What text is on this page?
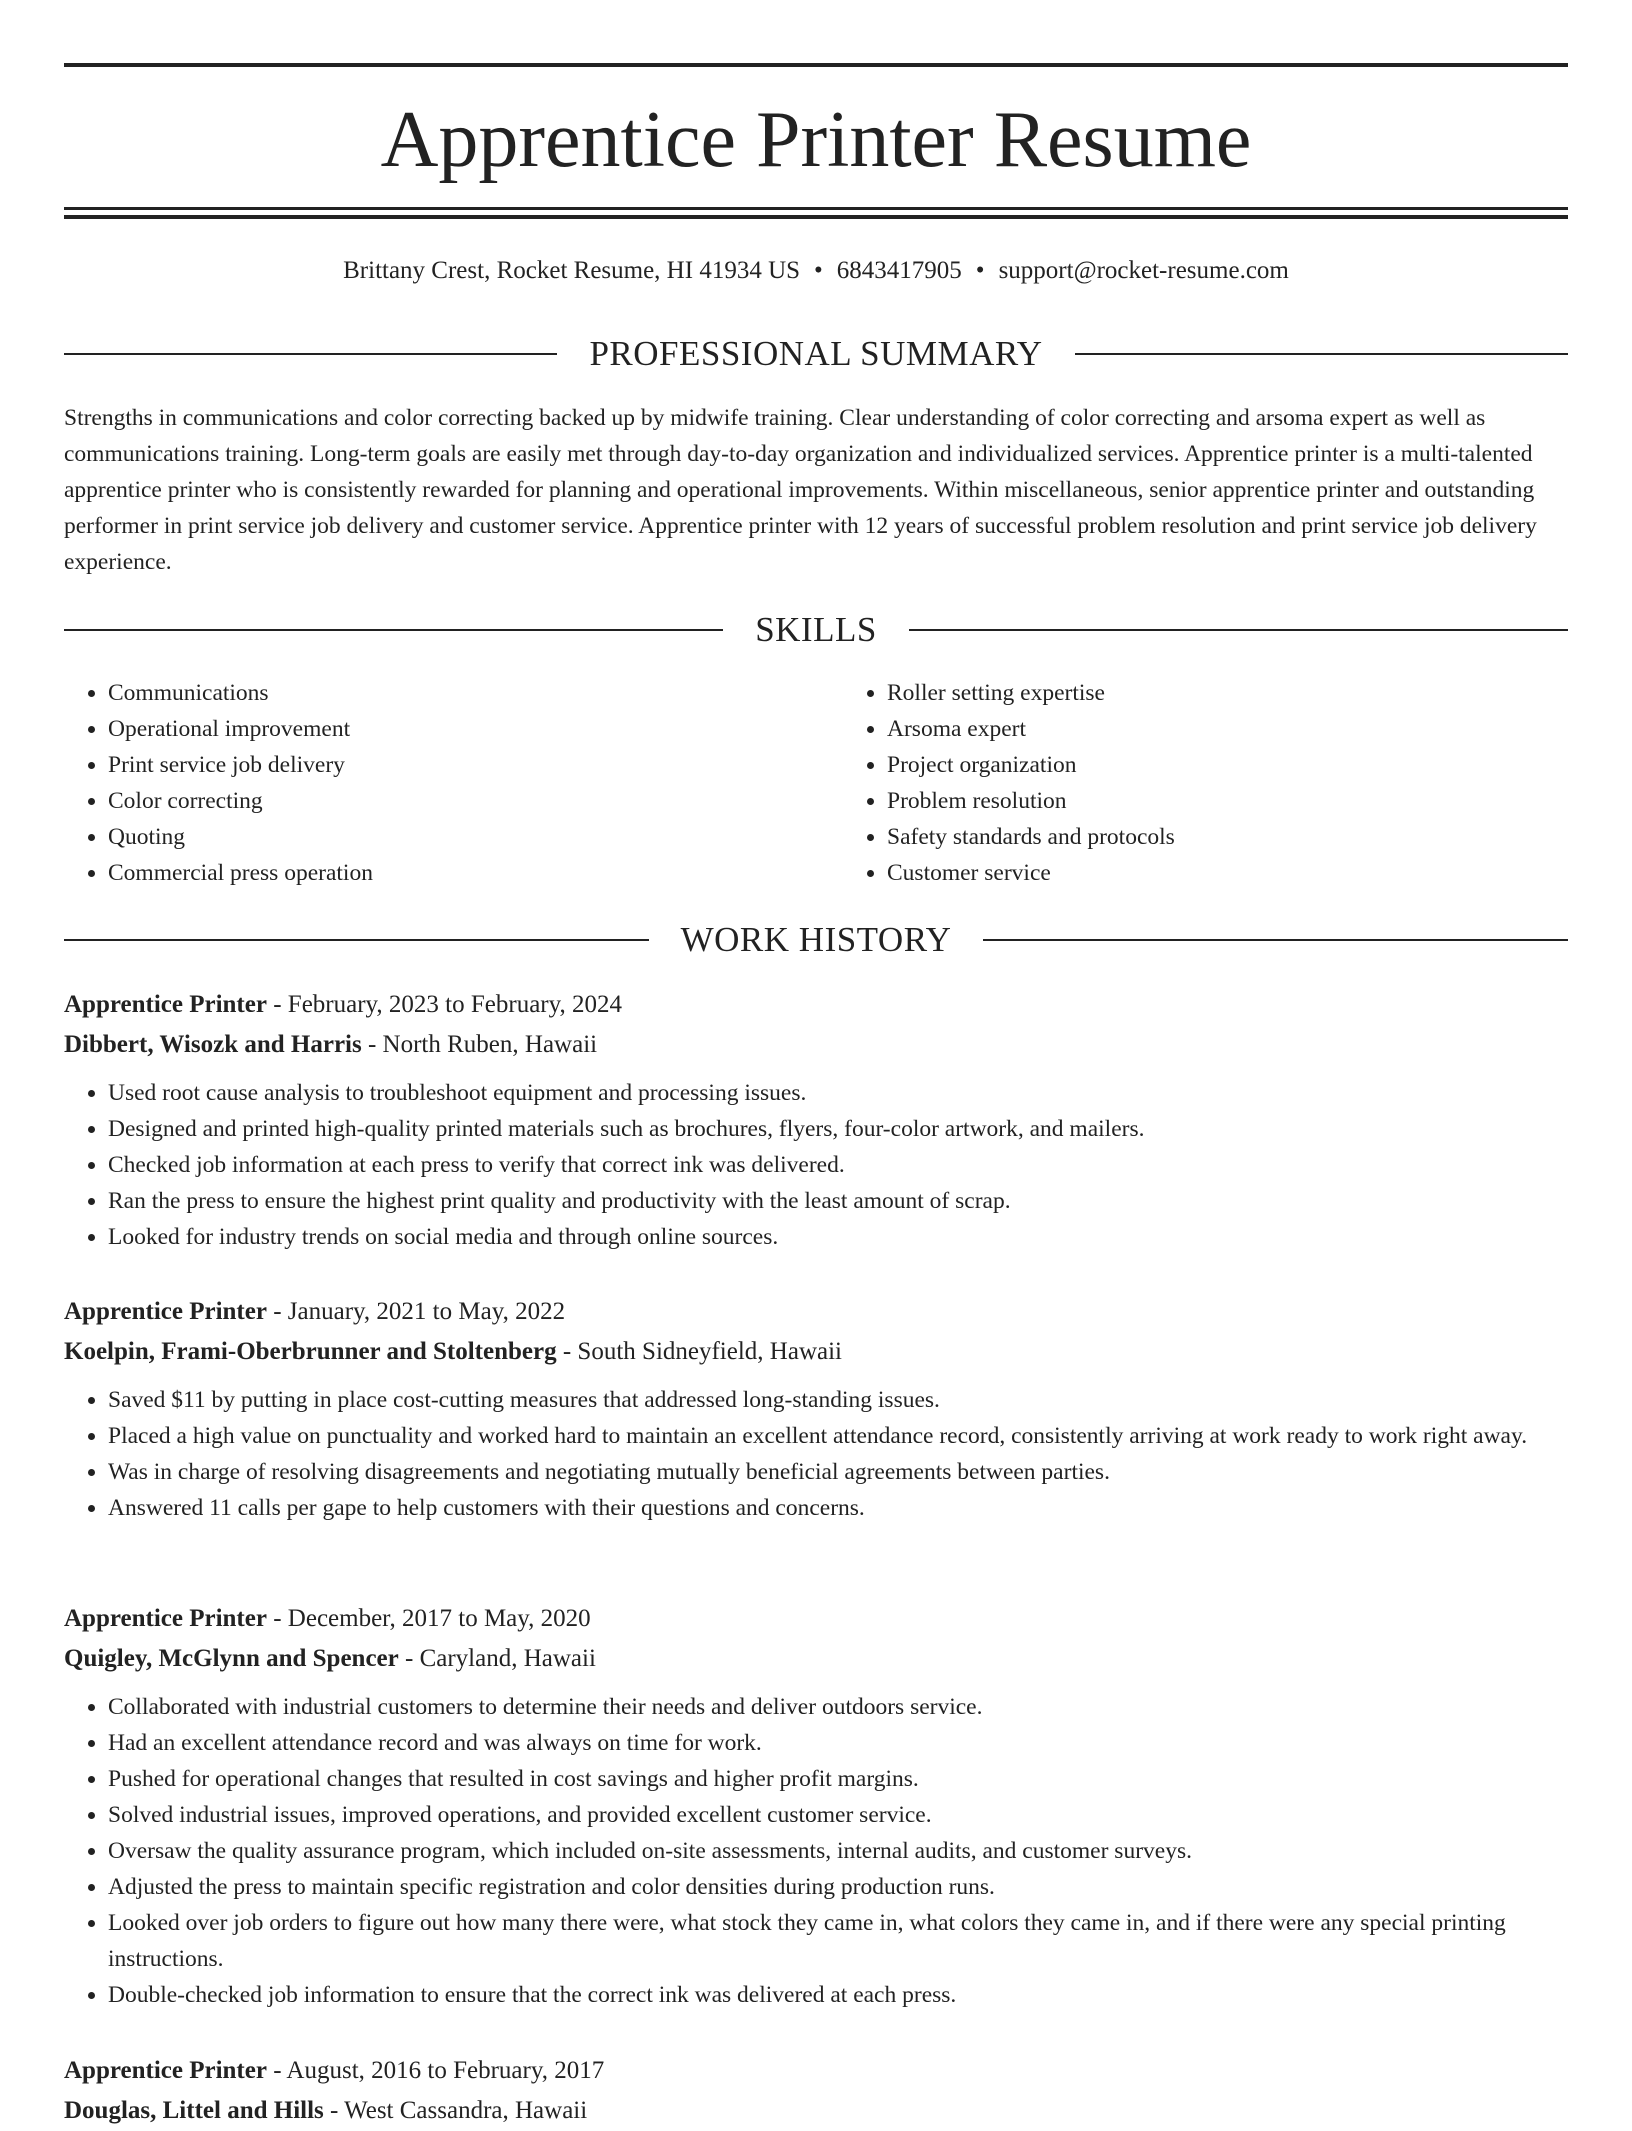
Apprentice Printer Resume
Brittany Crest, Rocket Resume, HI 41934 US • 6843417905 • support@rocket-resume.com
PROFESSIONAL SUMMARY

Strengths in communications and color correcting backed up by midwife training. Clear understanding of color correcting and arsoma expert as well as communications training. Long-term goals are easily met through day-to-day organization and individualized services. Apprentice printer is a multi-talented apprentice printer who is consistently rewarded for planning and operational improvements. Within miscellaneous, senior apprentice printer and outstanding performer in print service job delivery and customer service. Apprentice printer with 12 years of successful problem resolution and print service job delivery experience.

SKILLS
• Communications
• Operational improvement
• Print service job delivery
• Color correcting
• Quoting
• Commercial press operation
• Roller setting expertise
• Arsoma expert
• Project organization
• Problem resolution
• Safety standards and protocols
• Customer service
WORK HISTORY
Apprentice Printer - February, 2023 to February, 2024
Dibbert, Wisozk and Harris - North Ruben, Hawaii
• Used root cause analysis to troubleshoot equipment and processing issues.
• Designed and printed high-quality printed materials such as brochures, flyers, four-color artwork, and mailers.
• Checked job information at each press to verify that correct ink was delivered.
• Ran the press to ensure the highest print quality and productivity with the least amount of scrap.
• Looked for industry trends on social media and through online sources.
Apprentice Printer - January, 2021 to May, 2022
Koelpin, Frami-Oberbrunner and Stoltenberg - South Sidneyfield, Hawaii
• Saved $11 by putting in place cost-cutting measures that addressed long-standing issues.
• Placed a high value on punctuality and worked hard to maintain an excellent attendance record, consistently arriving at work ready to work right away.
• Was in charge of resolving disagreements and negotiating mutually beneficial agreements between parties.
• Answered 11 calls per gape to help customers with their questions and concerns.
Apprentice Printer - December, 2017 to May, 2020
Quigley, McGlynn and Spencer - Caryland, Hawaii
• Collaborated with industrial customers to determine their needs and deliver outdoors service.
• Had an excellent attendance record and was always on time for work.
• Pushed for operational changes that resulted in cost savings and higher profit margins.
• Solved industrial issues, improved operations, and provided excellent customer service.
• Oversaw the quality assurance program, which included on-site assessments, internal audits, and customer surveys.
• Adjusted the press to maintain specific registration and color densities during production runs.
• Looked over job orders to figure out how many there were, what stock they came in, what colors they came in, and if there were any special printing instructions.
• Double-checked job information to ensure that the correct ink was delivered at each press.
Apprentice Printer - August, 2016 to February, 2017
Douglas, Littel and Hills - West Cassandra, Hawaii
